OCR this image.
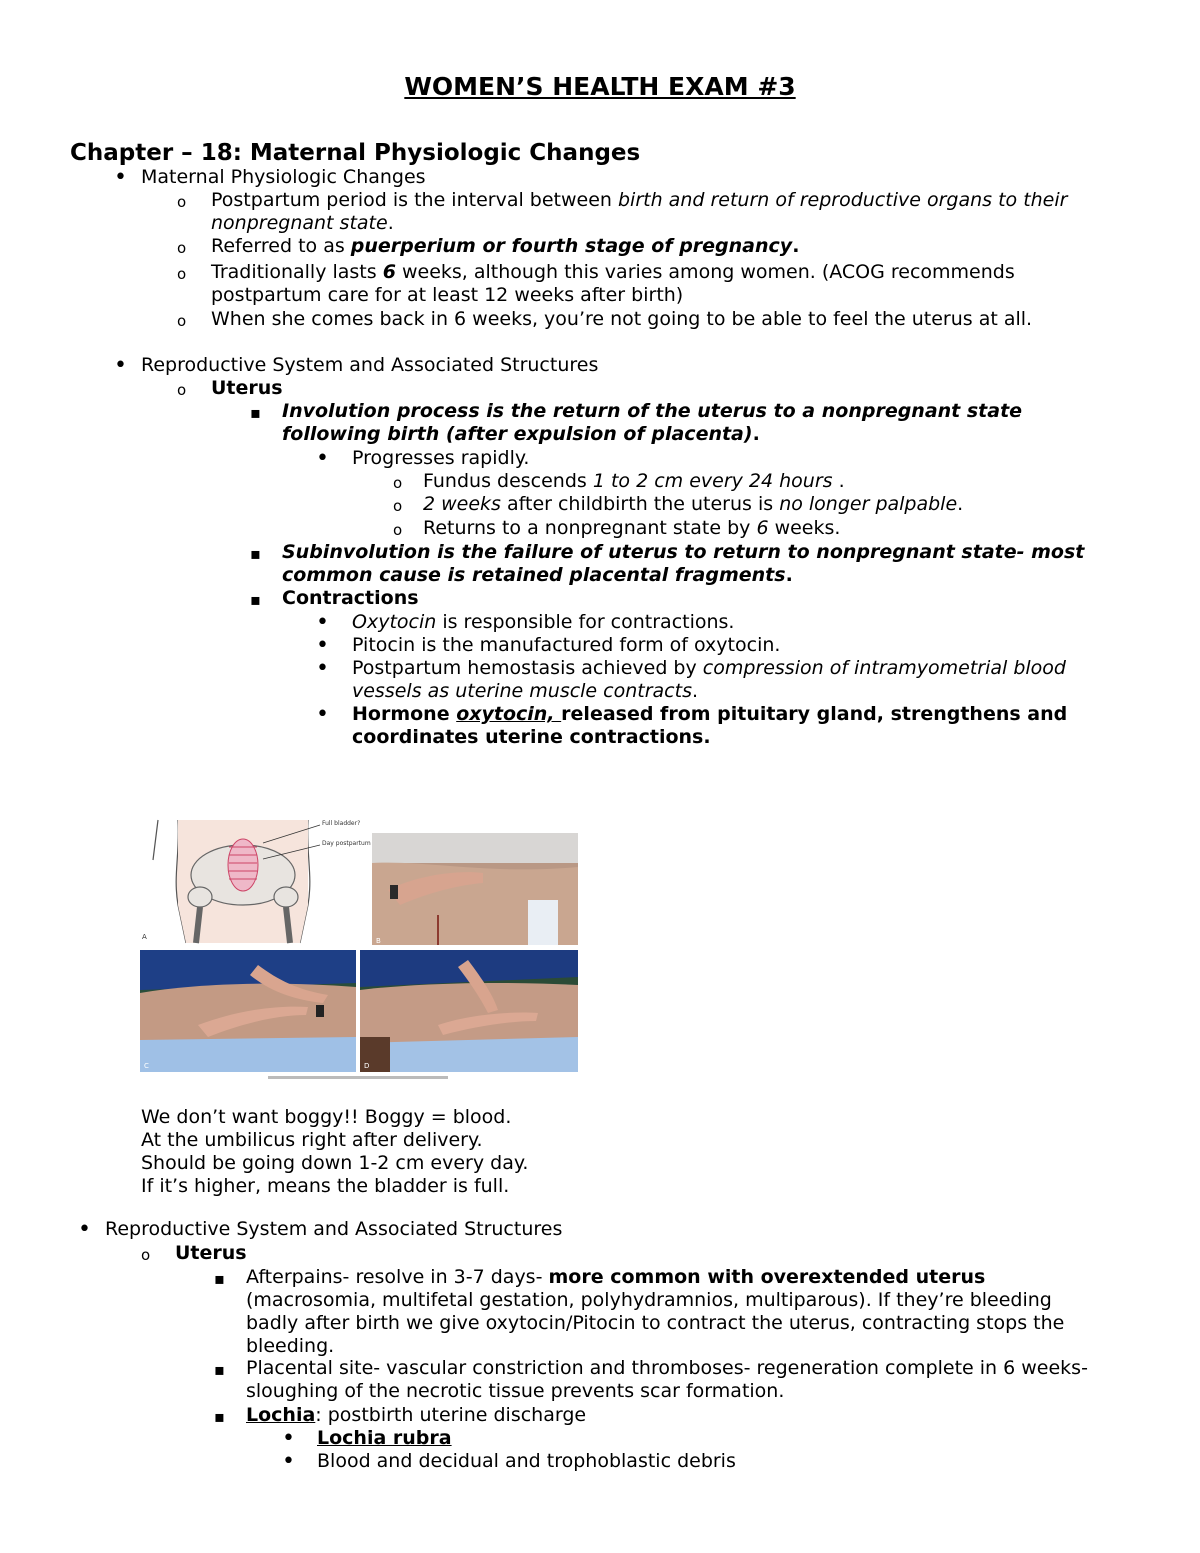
WOMEN’S HEALTH EXAM #3
Chapter – 18: Maternal Physiologic Changes
•
Maternal Physiologic Changes
o
Postpartum period is the interval between birth and return of reproductive organs to their
nonpregnant state.
o
Referred to as puerperium or fourth stage of pregnancy.
o
Traditionally lasts 6 weeks, although this varies among women. (ACOG recommends
postpartum care for at least 12 weeks after birth)
o
When she comes back in 6 weeks, you’re not going to be able to feel the uterus at all.
•
Reproductive System and Associated Structures
o
Uterus
▪
Involution process is the return of the uterus to a nonpregnant state
following birth (after expulsion of placenta).
•
Progresses rapidly.
o
Fundus descends 1 to 2 cm every 24 hours .
o
2 weeks after childbirth the uterus is no longer palpable.
o
Returns to a nonpregnant state by 6 weeks.
▪
Subinvolution is the failure of uterus to return to nonpregnant state- most
common cause is retained placental fragments.
▪
Contractions
•
Oxytocin is responsible for contractions.
•
Pitocin is the manufactured form of oxytocin.
•
Postpartum hemostasis achieved by compression of intramyometrial blood
vessels as uterine muscle contracts.
•
Hormone oxytocin, released from pituitary gland, strengthens and
coordinates uterine contractions.
Full bladder?
Day postpartum
A	B
C	D
We don’t want boggy!! Boggy = blood.
At the umbilicus right after delivery.
Should be going down 1-2 cm every day.
If it’s higher, means the bladder is full.
•
Reproductive System and Associated Structures
o
Uterus
▪
Afterpains- resolve in 3-7 days- more common with overextended uterus
(macrosomia, multifetal gestation, polyhydramnios, multiparous). If they’re bleeding
badly after birth we give oxytocin/Pitocin to contract the uterus, contracting stops the
bleeding.
▪
Placental site- vascular constriction and thromboses- regeneration complete in 6 weeks-
sloughing of the necrotic tissue prevents scar formation.
▪
Lochia: postbirth uterine discharge
•
Lochia rubra
•
Blood and decidual and trophoblastic debris
